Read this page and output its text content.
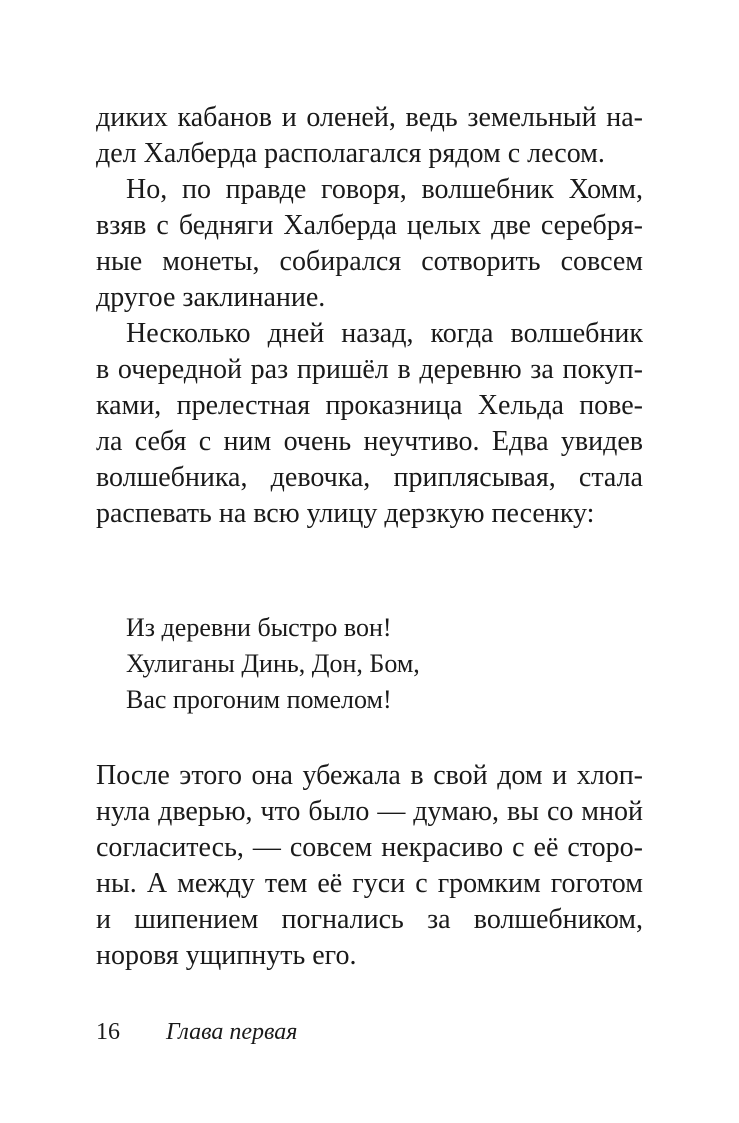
диких кабанов и оленей, ведь земельный на-
дел Халберда располагался рядом с лесом.
Но, по правде говоря, волшебник Хомм,
взяв с бедняги Халберда целых две серебря-
ные монеты, собирался сотворить совсем
другое заклинание.
Несколько дней назад, когда волшебник
в очередной раз пришёл в деревню за покуп-
ками, прелестная проказница Хельда пове-
ла себя с ним очень неучтиво. Едва увидев
волшебника, девочка, приплясывая, стала
распевать на всю улицу дерзкую песенку:
Из деревни быстро вон!
Хулиганы Динь, Дон, Бом,
Вас прогоним помелом!
После этого она убежала в свой дом и хлоп-
нула дверью, что было — думаю, вы со мной
согласитесь, — совсем некрасиво с её сторо-
ны. А между тем её гуси с громким гоготом
и шипением погнались за волшебником,
норовя ущипнуть его.
16 Глава первая
